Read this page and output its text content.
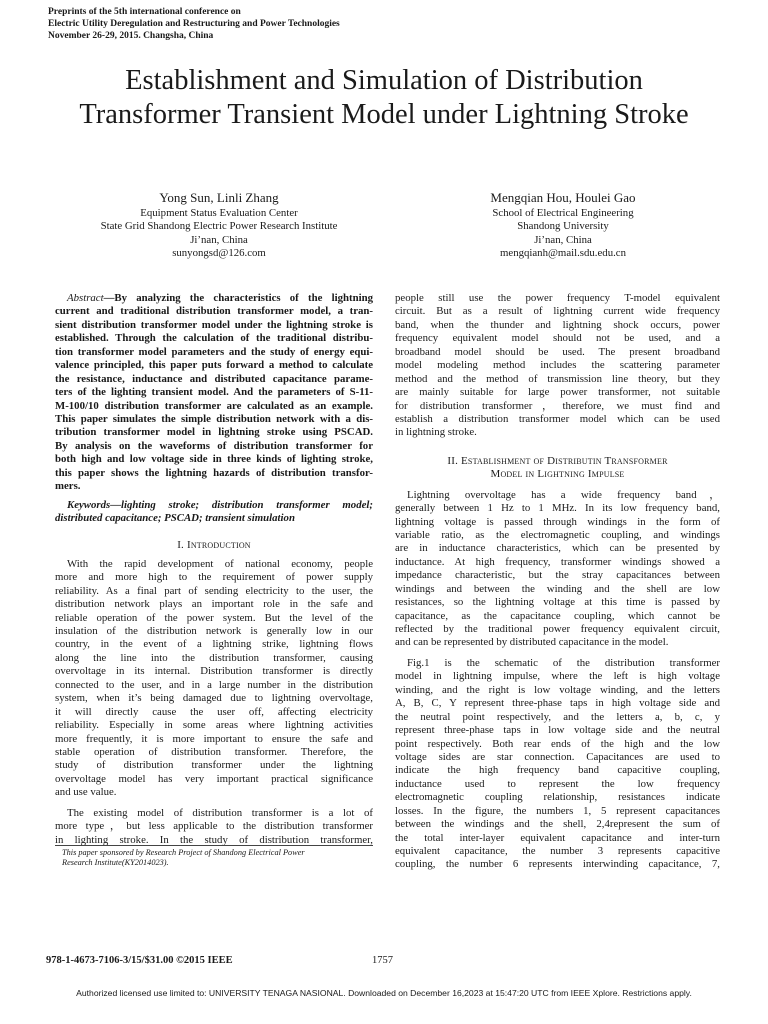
Preprints of the 5th international conference on
Electric Utility Deregulation and Restructuring and Power Technologies
November 26-29, 2015. Changsha, China
Establishment and Simulation of Distribution
Transformer Transient Model under Lightning Stroke
Yong Sun, Linli Zhang
Equipment Status Evaluation Center
State Grid Shandong Electric Power Research Institute
Ji’nan, China
sunyongsd@126.com
Mengqian Hou, Houlei Gao
School of Electrical Engineering
Shandong University
Ji’nan, China
mengqianh@mail.sdu.edu.cn
Abstract—By analyzing the characteristics of the lightning
current and traditional distribution transformer model, a tran-
sient distribution transformer model under the lightning stroke is
established. Through the calculation of the traditional distribu-
tion transformer model parameters and the study of energy equi-
valence principled, this paper puts forward a method to calculate
the resistance, inductance and distributed capacitance parame-
ters of the lighting transient model. And the parameters of S-11-
M-100/10 distribution transformer are calculated as an example.
This paper simulates the simple distribution network with a dis-
tribution transformer model in lightning stroke using PSCAD.
By analysis on the waveforms of distribution transformer for
both high and low voltage side in three kinds of lighting stroke,
this paper shows the lightning hazards of distribution transfor-
mers.
Keywords—lighting stroke; distribution transformer model;
distributed capacitance; PSCAD; transient simulation
I. Introduction
With the rapid development of national economy, people
more and more high to the requirement of power supply
reliability. As a final part of sending electricity to the user, the
distribution network plays an important role in the safe and
reliable operation of the power system. But the level of the
insulation of the distribution network is generally low in our
country, in the event of a lightning strike, lightning flows
along the line into the distribution transformer, causing
overvoltage in its internal. Distribution transformer is directly
connected to the user, and in a large number in the distribution
system, when it’s being damaged due to lightning overvoltage,
it will directly cause the user off, affecting electricity
reliability. Especially in some areas where lightning activities
more frequently, it is more important to ensure the safe and
stable operation of distribution transformer. Therefore, the
study of distribution transformer under the lightning
overvoltage model has very important practical significance
and use value.
The existing model of distribution transformer is a lot of
more type，but less applicable to the distribution transformer
in lighting stroke. In the study of distribution transformer,
This paper sponsored by Research Project of Shandong Electrical Power
Research Institute(KY2014023).
people still use the power frequency T-model equivalent
circuit. But as a result of lightning current wide frequency
band, when the thunder and lightning shock occurs, power
frequency equivalent model should not be used, and a
broadband model should be used. The present broadband
model modeling method includes the scattering parameter
method and the method of transmission line theory, but they
are mainly suitable for large power transformer, not suitable
for distribution transformer，therefore, we must find and
establish a distribution transformer model which can be used
in lightning stroke.
II. Establishment of Distributin Transformer
Model in Lightning Impulse
Lightning overvoltage has a wide frequency band，
generally between 1 Hz to 1 MHz. In its low frequency band,
lightning voltage is passed through windings in the form of
variable ratio, as the electromagnetic coupling, and windings
are in inductance characteristics, which can be presented by
inductance. At high frequency, transformer windings showed a
impedance characteristic, but the stray capacitances between
windings and between the winding and the shell are low
resistances, so the lightning voltage at this time is passed by
capacitance, as the capacitance coupling, which cannot be
reflected by the traditional power frequency equivalent circuit,
and can be represented by distributed capacitance in the model.
Fig.1 is the schematic of the distribution transformer
model in lightning impulse, where the left is high voltage
winding, and the right is low voltage winding, and the letters
A, B, C, Y represent three-phase taps in high voltage side and
the neutral point respectively, and the letters a, b, c, y
represent three-phase taps in low voltage side and the neutral
point respectively. Both rear ends of the high and the low
voltage sides are star connection. Capacitances are used to
indicate the high frequency band capacitive coupling,
inductance used to represent the low frequency
electromagnetic coupling relationship, resistances indicate
losses. In the figure, the numbers 1, 5 represent capacitances
between the windings and the shell, 2,4represent the sum of
the total inter-layer equivalent capacitance and inter-turn
equivalent capacitance, the number 3 represents capacitive
coupling, the number 6 represents interwinding capacitance, 7,
978-1-4673-7106-3/15/$31.00 ©2015 IEEE	1757
Authorized licensed use limited to: UNIVERSITY TENAGA NASIONAL. Downloaded on December 16,2023 at 15:47:20 UTC from IEEE Xplore. Restrictions apply.
